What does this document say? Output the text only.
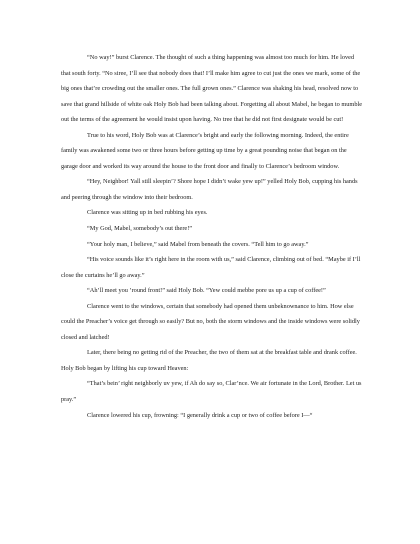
“No way!” burst Clarence. The thought of such a thing happening was almost too much for him. He loved that south forty. “No siree, I’ll see that nobody does that! I’ll make him agree to cut just the ones we mark, some of the big ones that’re crowding out the smaller ones. The full grown ones.” Clarence was shaking his head, resolved now to save that grand hillside of white oak Holy Bob had been talking about. Forgetting all about Mabel, he began to mumble out the terms of the agreement he would insist upon having. No tree that he did not first designate would be cut!

True to his word, Holy Bob was at Clarence’s bright and early the following morning. Indeed, the entire family was awakened some two or three hours before getting up time by a great pounding noise that began on the garage door and worked its way around the house to the front door and finally to Clarence’s bedroom window.

“Hey, Neighbor! Yall still sleepin’? Shore hope I didn’t wake yew up!” yelled Holy Bob, cupping his hands and peering through the window into their bedroom.

Clarence was sitting up in bed rubbing his eyes.

“My God, Mabel, somebody’s out there!”

“Your holy man, I believe,” said Mabel from beneath the covers. “Tell him to go away.”

“His voice sounds like it’s right here in the room with us,” said Clarence, climbing out of bed. “Maybe if I’ll close the curtains he’ll go away.”

“Ah’ll meet you ’round front!” said Holy Bob. “Yew could mebbe pore us up a cup of coffee!”

Clarence went to the windows, certain that somebody had opened them unbeknownance to him. How else could the Preacher’s voice get through so easily? But no, both the storm windows and the inside windows were solidly closed and latched!

Later, there being no getting rid of the Preacher, the two of them sat at the breakfast table and drank coffee. Holy Bob began by lifting his cup toward Heaven:

“That’s bein’ right neighborly uv yew, if Ah do say so, Clar’nce. We air fortunate in the Lord, Brother. Let us pray.”

Clarence lowered his cup, frowning: “I generally drink a cup or two of coffee before I—“
